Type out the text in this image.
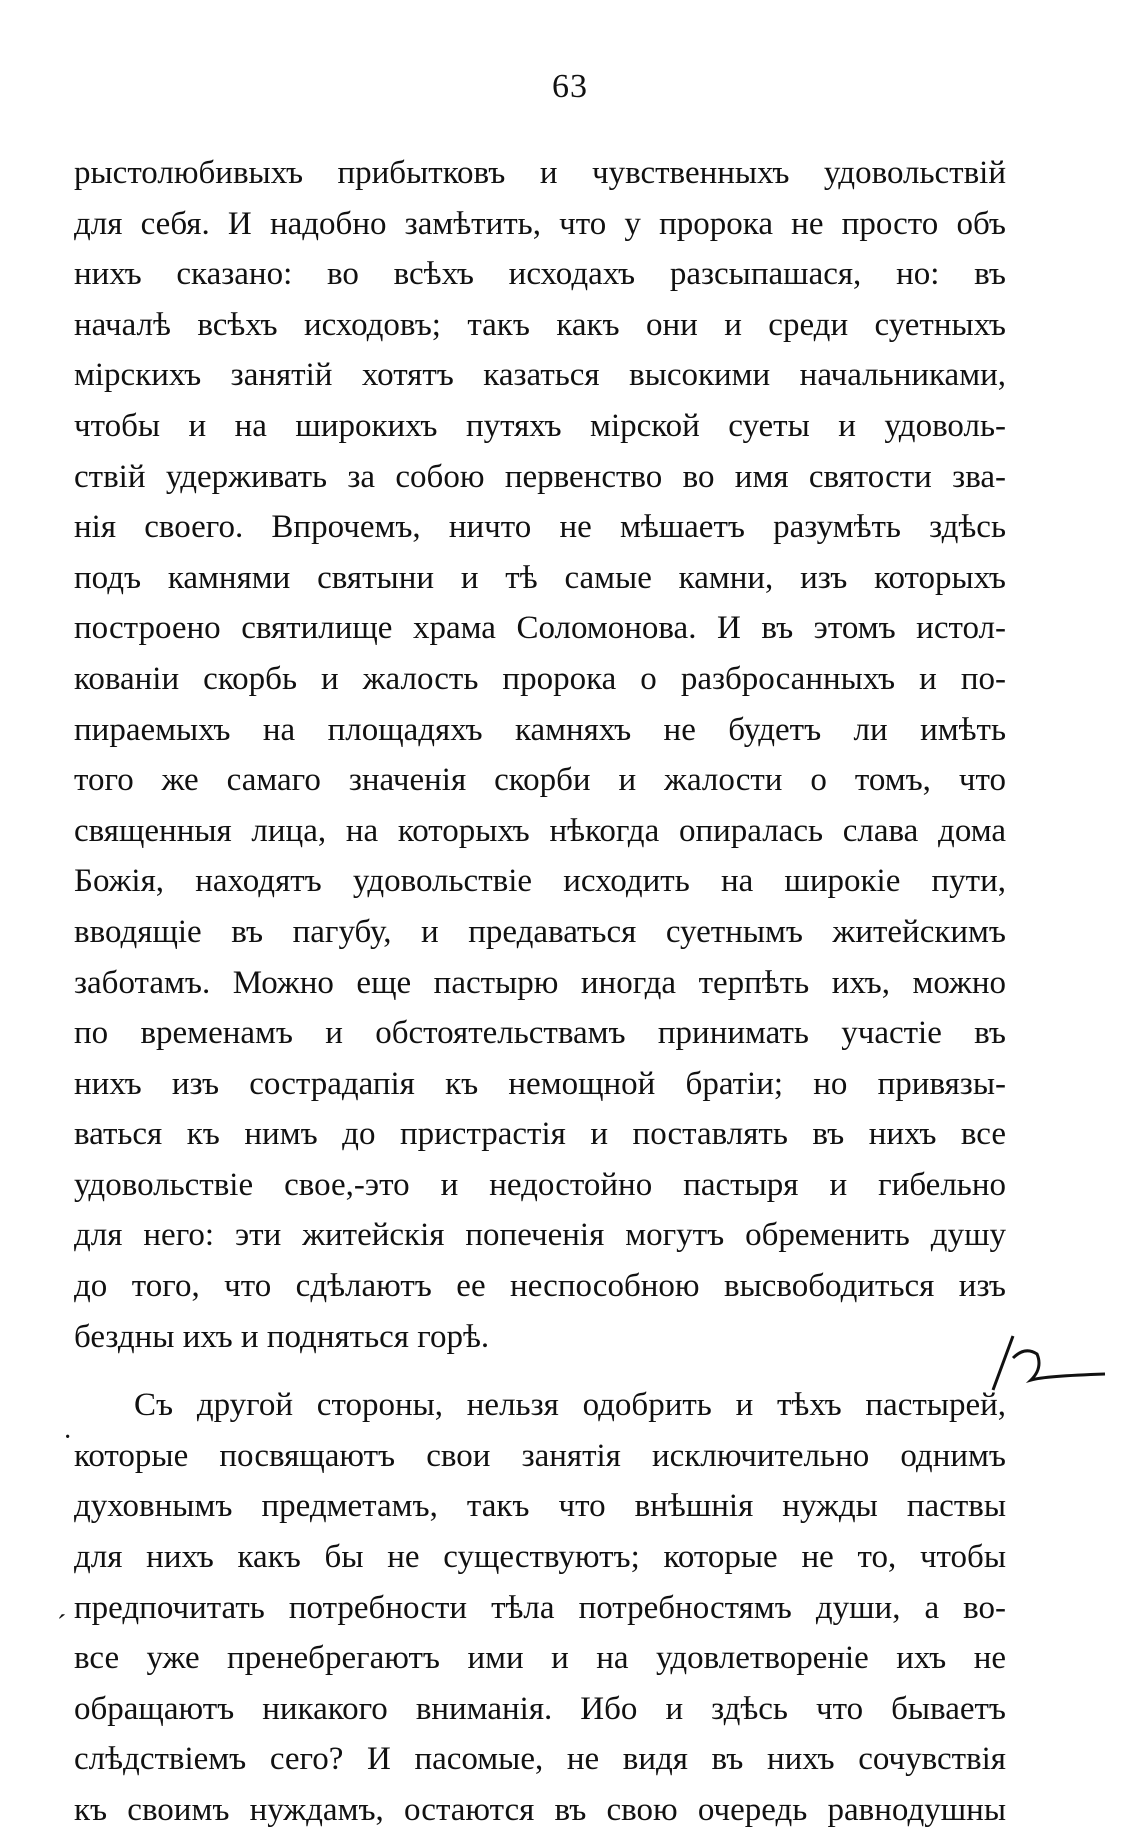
63
рыстолюбивыхъ прибытковъ и чувственныхъ удовольствій
для себя. И надобно замѣтить, что у пророка не просто объ
нихъ сказано: во всѣхъ исходахъ разсыпашася, но: въ
началѣ всѣхъ исходовъ; такъ какъ они и среди суетныхъ
мірскихъ занятій хотятъ казаться высокими начальниками,
чтобы и на широкихъ путяхъ мірской суеты и удоволь-
ствій удерживать за собою первенство во имя святости зва-
нія своего. Впрочемъ, ничто не мѣшаетъ разумѣть здѣсь
подъ камнями святыни и тѣ самые камни, изъ которыхъ
построено святилище храма Соломонова. И въ этомъ истол-
кованіи скорбь и жалость пророка о разбросанныхъ и по-
пираемыхъ на площадяхъ камняхъ не будетъ ли имѣть
того же самаго значенія скорби и жалости о томъ, что
священныя лица, на которыхъ нѣкогда опиралась слава дома
Божія, находятъ удовольствіе исходить на широкіе пути,
вводящіе въ пагубу, и предаваться суетнымъ житейскимъ
заботамъ. Можно еще пастырю иногда терпѣть ихъ, можно
по временамъ и обстоятельствамъ принимать участіе въ
нихъ изъ сострадапія къ немощной братіи; но привязы-
ваться къ нимъ до пристрастія и поставлять въ нихъ все
удовольствіе свое,-это и недостойно пастыря и гибельно
для него: эти житейскія попеченія могутъ обременить душу
до того, что сдѣлаютъ ее неспособною высвободиться изъ
бездны ихъ и подняться горѣ.
Съ другой стороны, нельзя одобрить и тѣхъ пастырей,
которые посвящаютъ свои занятія исключительно однимъ
духовнымъ предметамъ, такъ что внѣшнія нужды паствы
для нихъ какъ бы не существуютъ; которые не то, чтобы
предпочитать потребности тѣла потребностямъ души, а во-
все уже пренебрегаютъ ими и на удовлетвореніе ихъ не
обращаютъ никакого вниманія. Ибо и здѣсь что бываетъ
слѣдствіемъ сего? И пасомые, не видя въ нихъ сочувствія
къ своимъ нуждамъ, остаются въ свою очередь равнодушны
·
ˊ
